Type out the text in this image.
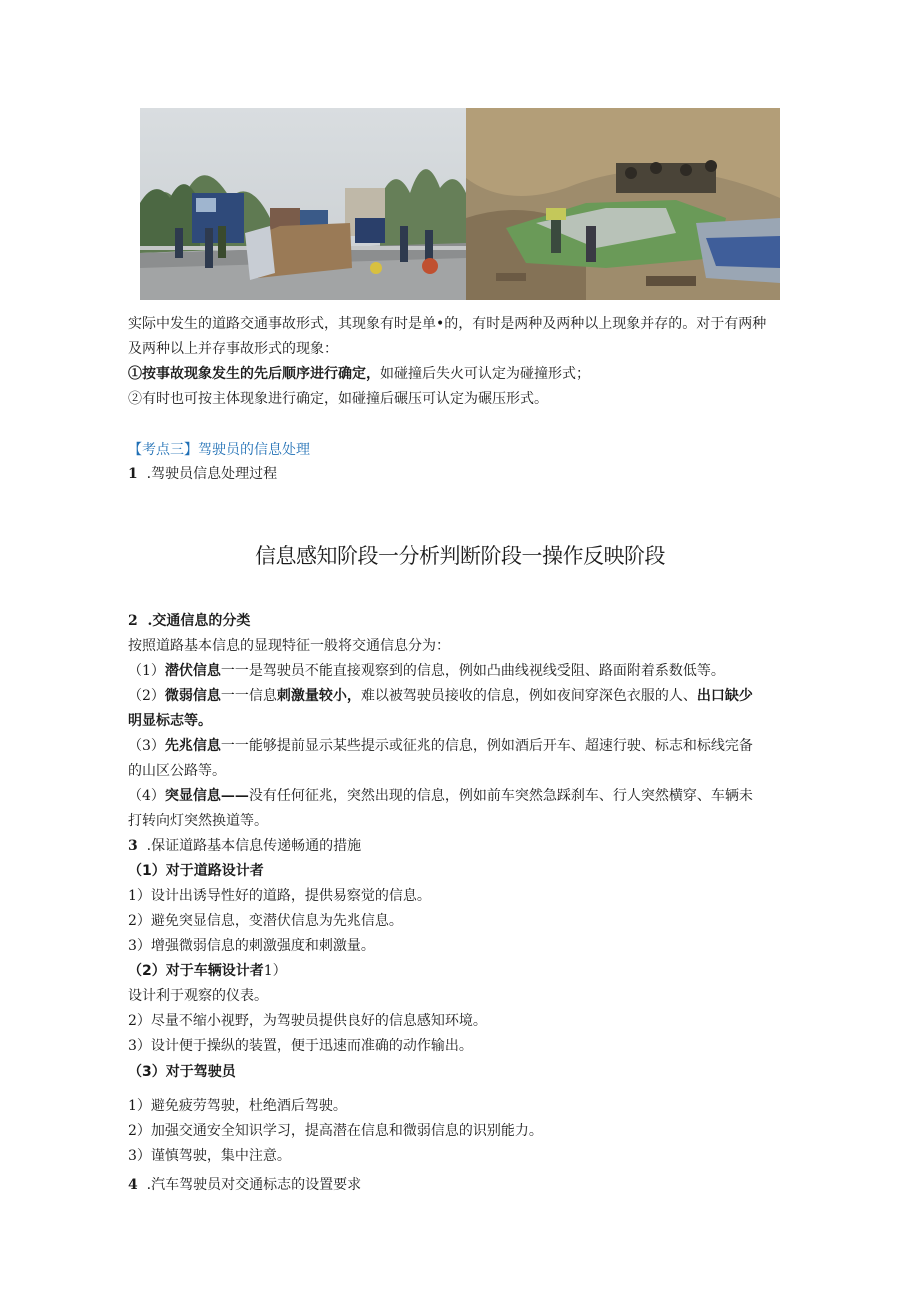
实际中发生的道路交通事故形式，其现象有时是单•的，有时是两种及两种以上现象并存的。对于有两种
及两种以上并存事故形式的现象：
①按事故现象发生的先后顺序进行确定，如碰撞后失火可认定为碰撞形式；
②有时也可按主体现象进行确定，如碰撞后碾压可认定为碾压形式。
【考点三】驾驶员的信息处理
1 .驾驶员信息处理过程
信息感知阶段一分析判断阶段一操作反映阶段
2 .交通信息的分类
按照道路基本信息的显现特征一般将交通信息分为：
（1）潜伏信息一一是驾驶员不能直接观察到的信息，例如凸曲线视线受阻、路面附着系数低等。
（2）微弱信息一一信息刺激量较小，难以被驾驶员接收的信息，例如夜间穿深色衣服的人、出口缺少
明显标志等。
（3）先兆信息一一能够提前显示某些提示或征兆的信息，例如酒后开车、超速行驶、标志和标线完备
的山区公路等。
（4）突显信息——没有任何征兆，突然出现的信息，例如前车突然急踩刹车、行人突然横穿、车辆未
打转向灯突然换道等。
3 .保证道路基本信息传递畅通的措施
（1）对于道路设计者
1）设计出诱导性好的道路，提供易察觉的信息。
2）避免突显信息，变潜伏信息为先兆信息。
3）增强微弱信息的刺激强度和刺激量。
（2）对于车辆设计者1）
设计利于观察的仪表。
2）尽量不缩小视野，为驾驶员提供良好的信息感知环境。
3）设计便于操纵的装置，便于迅速而准确的动作输出。
（3）对于驾驶员
1）避免疲劳驾驶，杜绝酒后驾驶。
2）加强交通安全知识学习，提高潜在信息和微弱信息的识别能力。
3）谨慎驾驶，集中注意。
4 .汽车驾驶员对交通标志的设置要求
